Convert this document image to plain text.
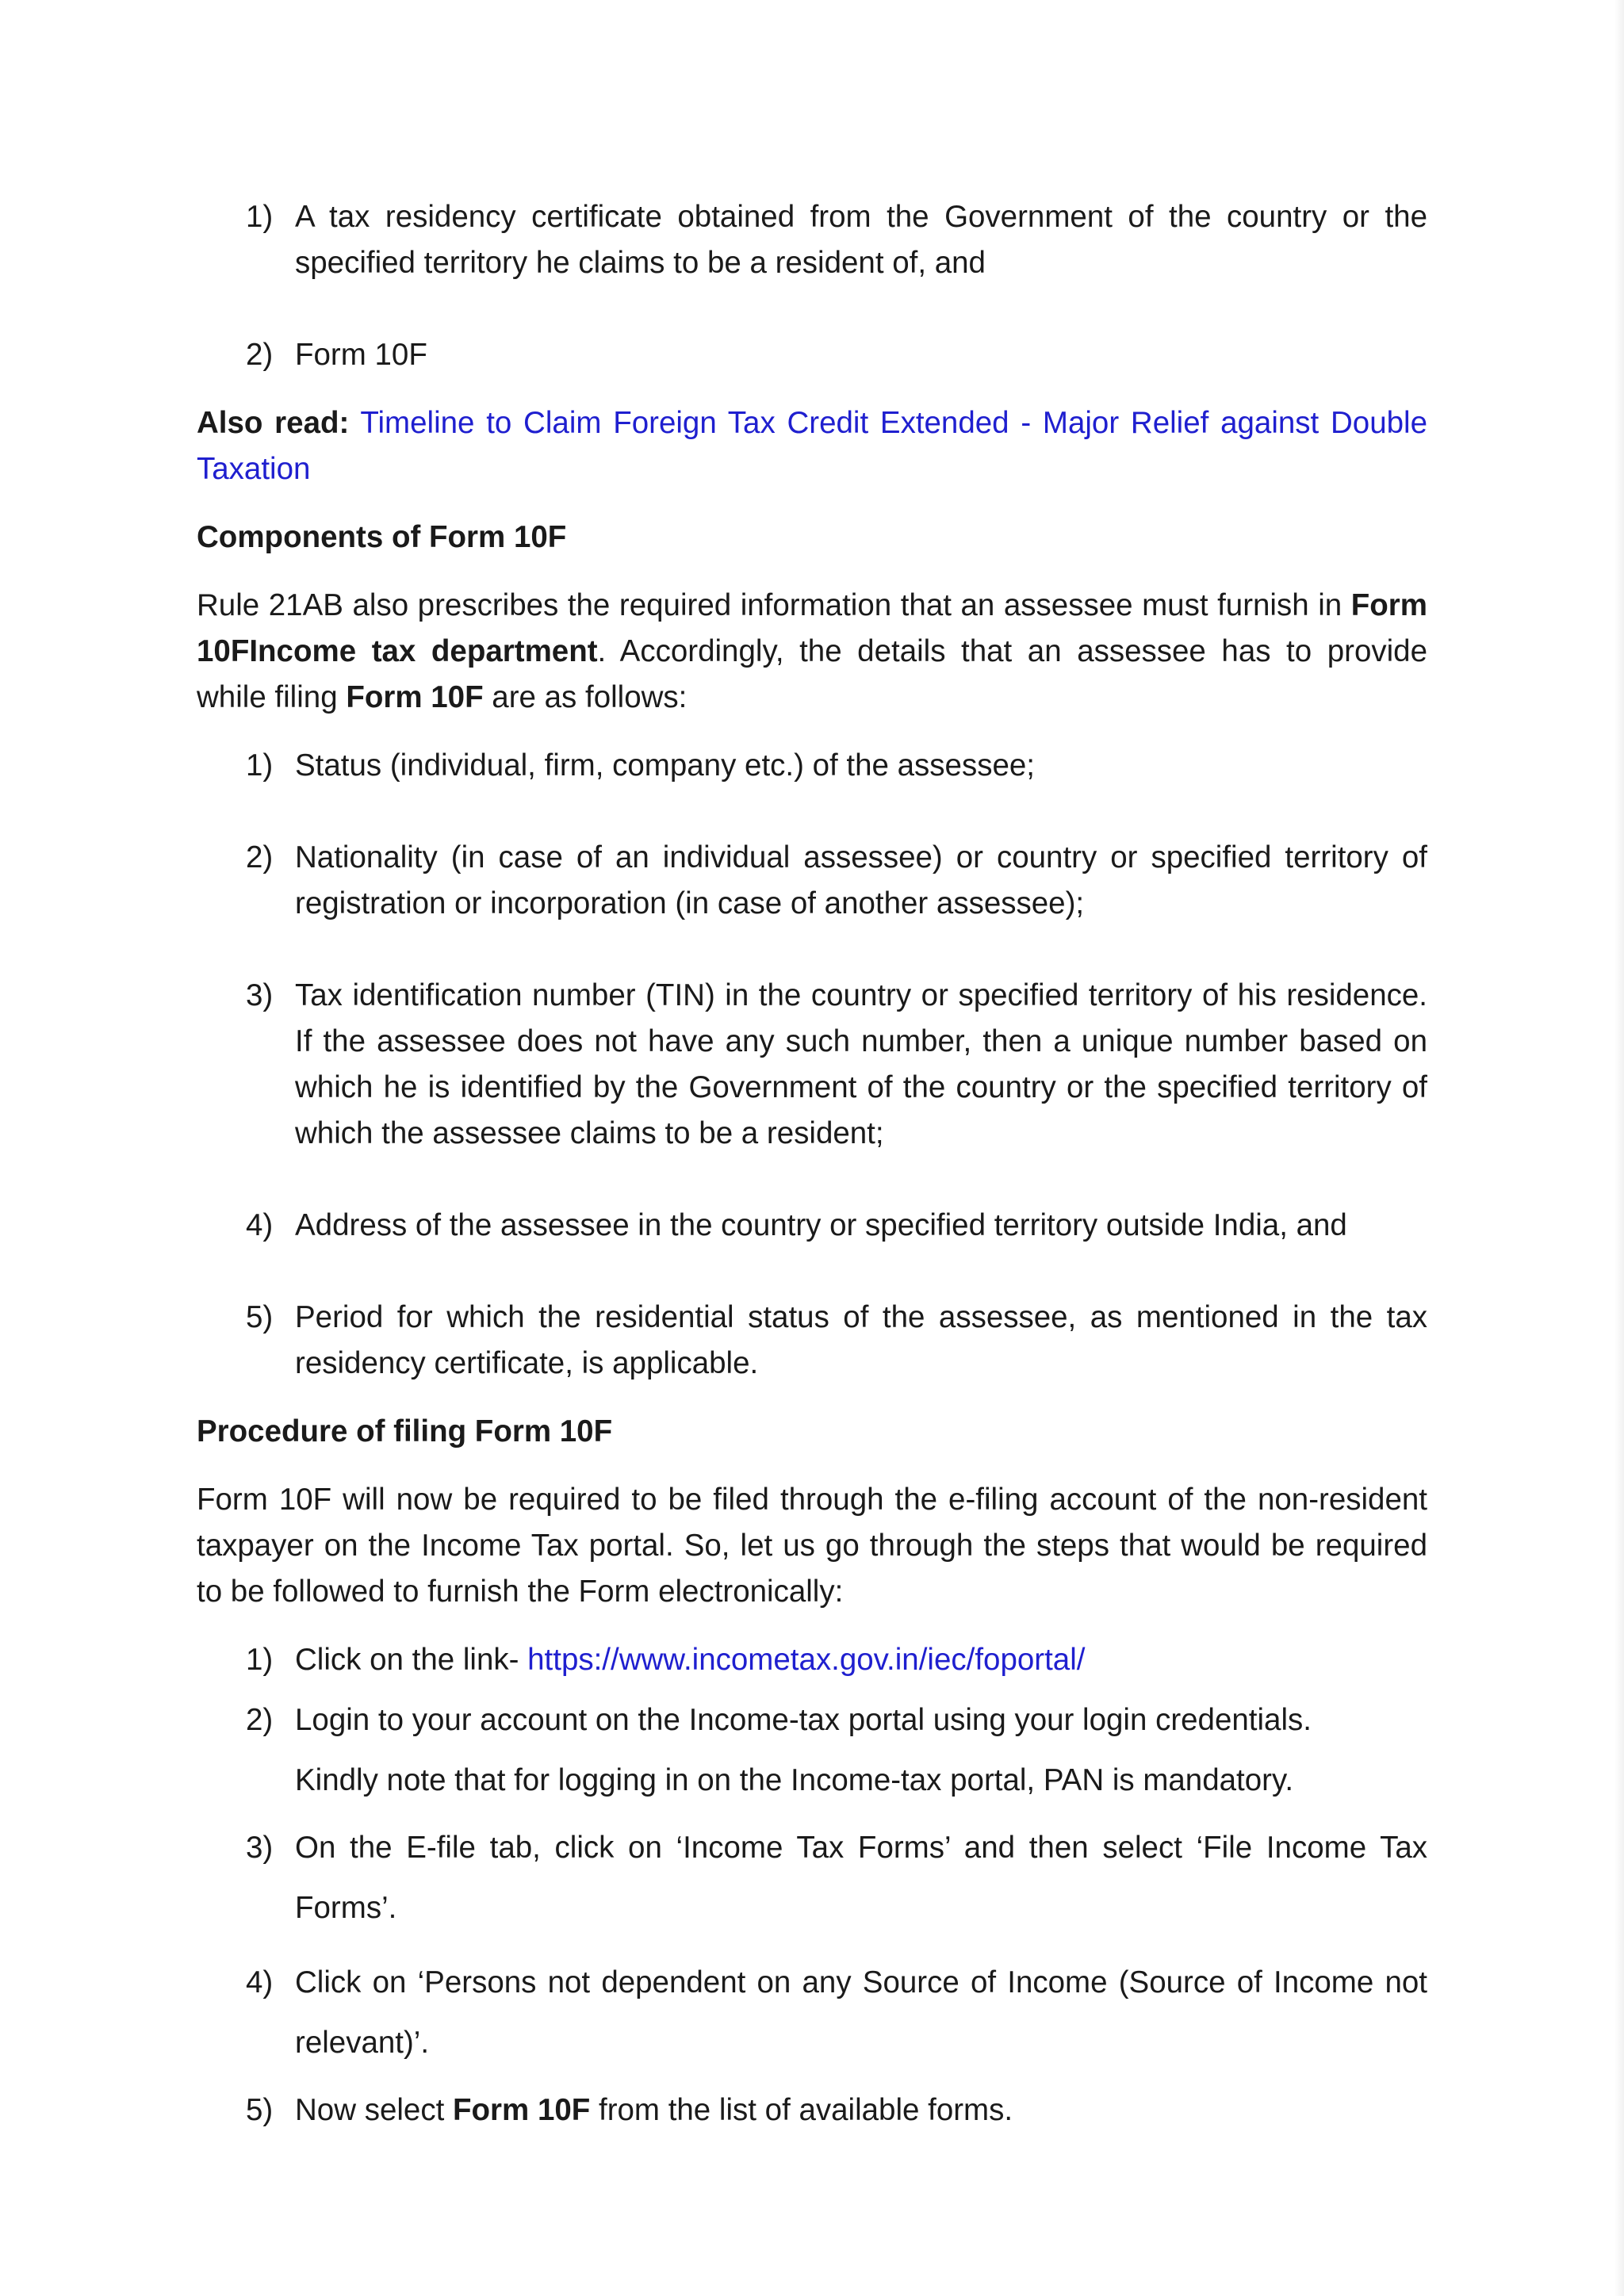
1) A tax residency certificate obtained from the Government of the country or the specified territory he claims to be a resident of, and
2) Form 10F

Also read: Timeline to Claim Foreign Tax Credit Extended - Major Relief against Double Taxation

Components of Form 10F

Rule 21AB also prescribes the required information that an assessee must furnish in Form 10FIncome tax department. Accordingly, the details that an assessee has to provide while filing Form 10F are as follows:

1) Status (individual, firm, company etc.) of the assessee;
2) Nationality (in case of an individual assessee) or country or specified territory of registration or incorporation (in case of another assessee);
3) Tax identification number (TIN) in the country or specified territory of his residence. If the assessee does not have any such number, then a unique number based on which he is identified by the Government of the country or the specified territory of which the assessee claims to be a resident;
4) Address of the assessee in the country or specified territory outside India, and
5) Period for which the residential status of the assessee, as mentioned in the tax residency certificate, is applicable.

Procedure of filing Form 10F

Form 10F will now be required to be filed through the e-filing account of the non-resident taxpayer on the Income Tax portal. So, let us go through the steps that would be required to be followed to furnish the Form electronically:

1) Click on the link- https://www.incometax.gov.in/iec/foportal/
2) Login to your account on the Income-tax portal using your login credentials.
Kindly note that for logging in on the Income-tax portal, PAN is mandatory.
3) On the E-file tab, click on ‘Income Tax Forms’ and then select ‘File Income Tax Forms’.
4) Click on ‘Persons not dependent on any Source of Income (Source of Income not relevant)’.
5) Now select Form 10F from the list of available forms.
